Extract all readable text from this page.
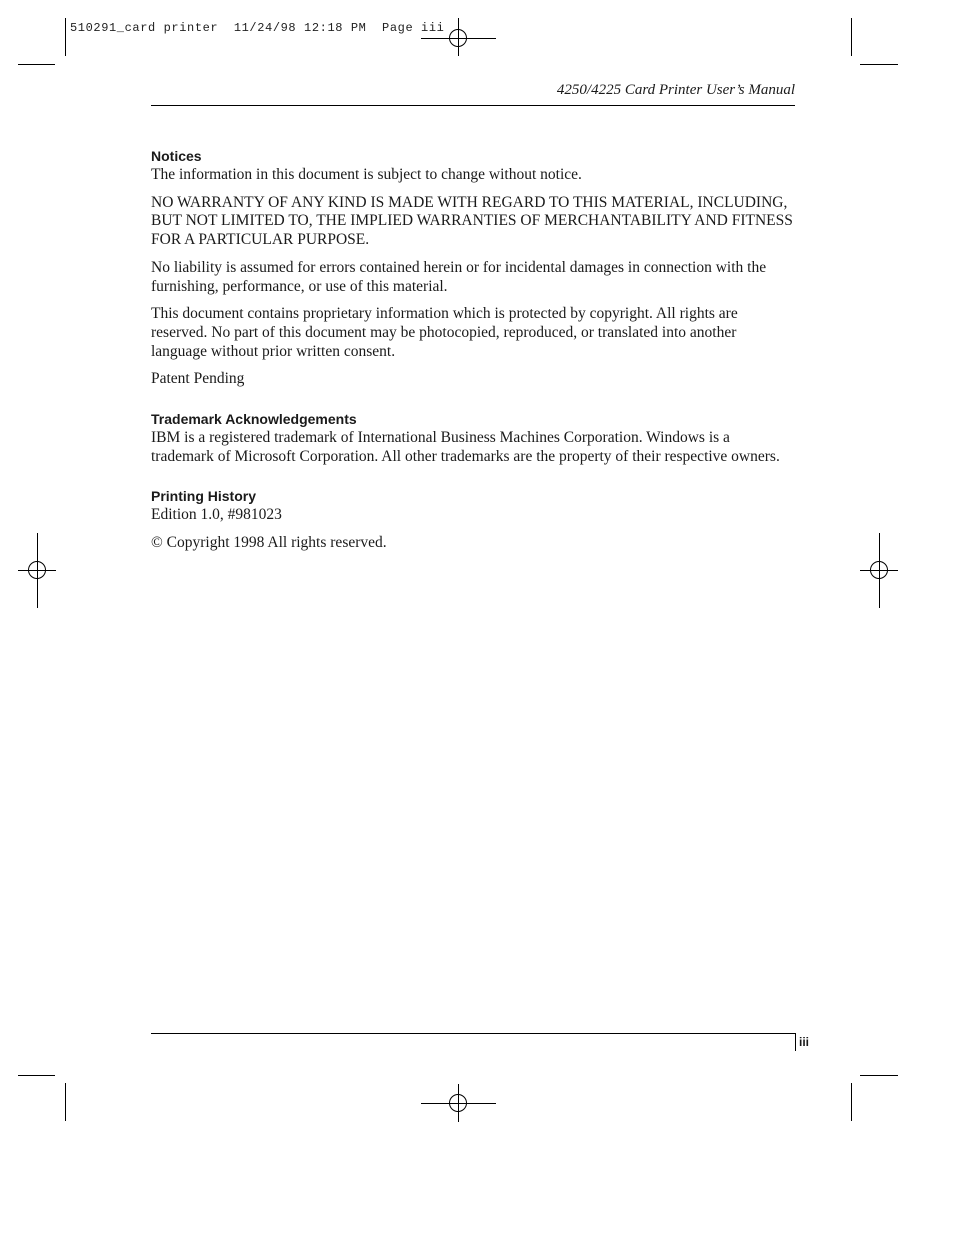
510291_card printer  11/24/98 12:18 PM  Page iii
4250/4225 Card Printer User’s Manual
Notices

The information in this document is subject to change without notice.

NO WARRANTY OF ANY KIND IS MADE WITH REGARD TO THIS MATERIAL, INCLUDING, BUT NOT LIMITED TO, THE IMPLIED WARRANTIES OF MERCHANTABILITY AND FITNESS FOR A PARTICULAR PURPOSE.

No liability is assumed for errors contained herein or for incidental damages in connection with the furnishing, performance, or use of this material.

This document contains proprietary information which is protected by copyright. All rights are reserved. No part of this document may be photocopied, reproduced, or translated into another language without prior written consent.

Patent Pending

Trademark Acknowledgements

IBM is a registered trademark of International Business Machines Corporation. Windows is a trademark of Microsoft Corporation. All other trademarks are the property of their respective owners.

Printing History

Edition 1.0, #981023

© Copyright 1998 All rights reserved.

iii
